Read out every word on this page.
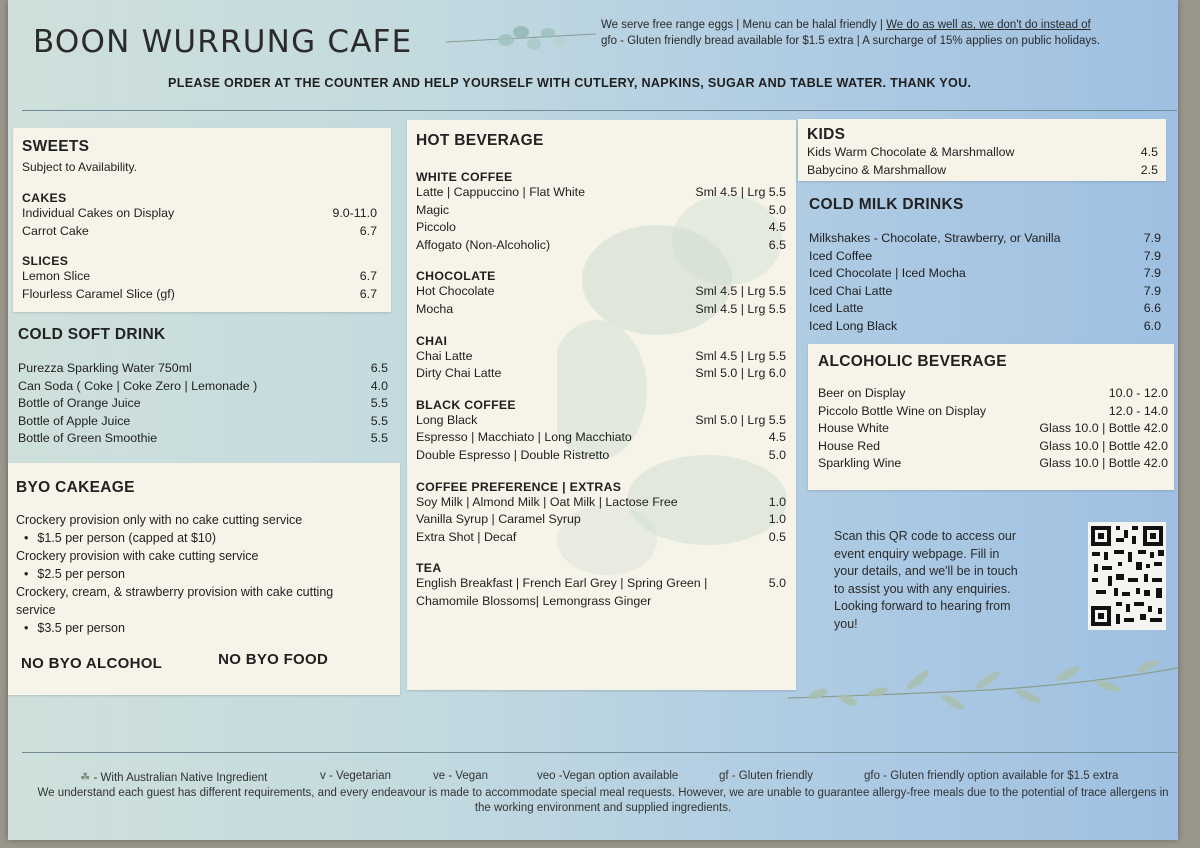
BOON WURRUNG CAFE	We serve free range eggs | Menu can be halal friendly | We do as well as, we don't do instead of
gfo - Gluten friendly bread available for $1.5 extra | A surcharge of 15% applies on public holidays.
PLEASE ORDER AT THE COUNTER AND HELP YOURSELF WITH CUTLERY, NAPKINS, SUGAR AND TABLE WATER. THANK YOU.
SWEETS
Subject to Availability.
CAKES
Individual Cakes on Display	9.0-11.0
Carrot Cake	6.7
SLICES
Lemon Slice	6.7
Flourless Caramel Slice (gf)	6.7
COLD SOFT DRINK
Purezza Sparkling Water 750ml	6.5
Can Soda ( Coke | Coke Zero | Lemonade )	4.0
Bottle of Orange Juice	5.5
Bottle of Apple Juice	5.5
Bottle of Green Smoothie	5.5
BYO CAKEAGE
Crockery provision only with no cake cutting service
• $1.5 per person (capped at $10)
Crockery provision with cake cutting service
• $2.5 per person
Crockery, cream, & strawberry provision with cake cutting service
• $3.5 per person
NO BYO ALCOHOL	NO BYO FOOD
HOT BEVERAGE
WHITE COFFEE
Latte | Cappuccino | Flat White	Sml 4.5 | Lrg 5.5
Magic	5.0
Piccolo	4.5
Affogato (Non-Alcoholic)	6.5
CHOCOLATE
Hot Chocolate	Sml 4.5 | Lrg 5.5
Mocha	Sml 4.5 | Lrg 5.5
CHAI
Chai Latte	Sml 4.5 | Lrg 5.5
Dirty Chai Latte	Sml 5.0 | Lrg 6.0
BLACK COFFEE
Long Black	Sml 5.0 | Lrg 5.5
Espresso | Macchiato | Long Macchiato	4.5
Double Espresso | Double Ristretto	5.0
COFFEE PREFERENCE | EXTRAS
Soy Milk | Almond Milk | Oat Milk | Lactose Free	1.0
Vanilla Syrup | Caramel Syrup	1.0
Extra Shot | Decaf	0.5
TEA
English Breakfast | French Earl Grey | Spring Green |	5.0
Chamomile Blossoms| Lemongrass Ginger
KIDS
Kids Warm Chocolate & Marshmallow	4.5
Babycino & Marshmallow	2.5
COLD MILK DRINKS
Milkshakes - Chocolate, Strawberry, or Vanilla	7.9
Iced Coffee	7.9
Iced Chocolate | Iced Mocha	7.9
Iced Chai Latte	7.9
Iced Latte	6.6
Iced Long Black	6.0
ALCOHOLIC BEVERAGE
Beer on Display	10.0 - 12.0
Piccolo Bottle Wine on Display	12.0 - 14.0
House White	Glass 10.0 | Bottle 42.0
House Red	Glass 10.0 | Bottle 42.0
Sparkling Wine	Glass 10.0 | Bottle 42.0
Scan this QR code to access our event enquiry webpage. Fill in your details, and we'll be in touch to assist you with any enquiries. Looking forward to hearing from you!
☘ - With Australian Native Ingredient	v - Vegetarian	ve - Vegan	veo -Vegan option available	gf - Gluten friendly	gfo - Gluten friendly option available for $1.5 extra
We understand each guest has different requirements, and every endeavour is made to accommodate special meal requests. However, we are unable to guarantee allergy-free meals due to the potential of trace allergens in the working environment and supplied ingredients.
